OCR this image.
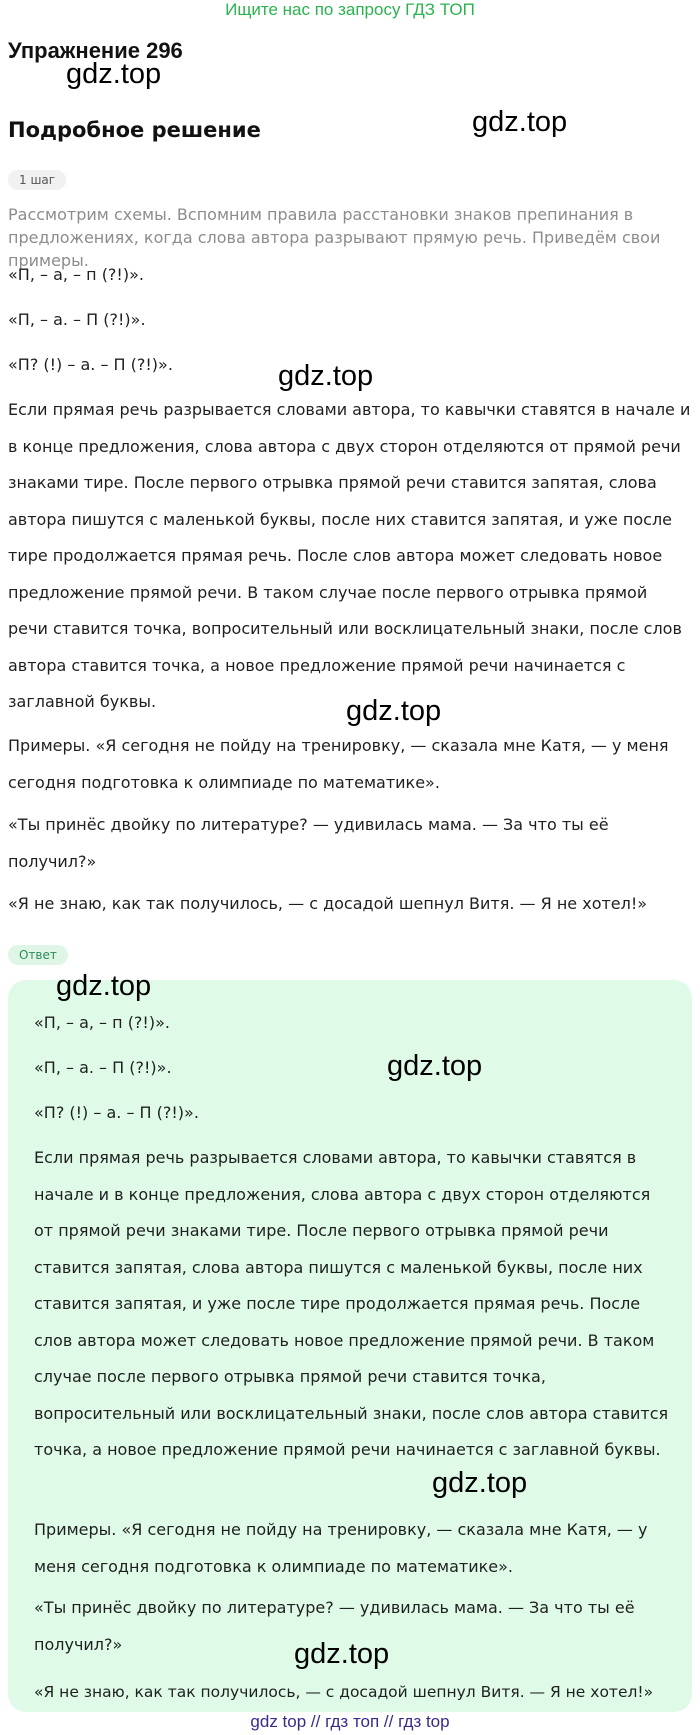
Ищите нас по запросу ГДЗ ТОП
Упражнение 296
gdz.top
Подробное решение	gdz.top
1 шаг
Рассмотрим схемы. Вспомним правила расстановки знаков препинания в предложениях, когда слова автора разрывают прямую речь. Приведём свои примеры.
«П, – а, – п (?!)».
«П, – а. – П (?!)».
«П? (!) – а. – П (?!)».	gdz.top
Если прямая речь разрывается словами автора, то кавычки ставятся в начале и в конце предложения, слова автора с двух сторон отделяются от прямой речи знаками тире. После первого отрывка прямой речи ставится запятая, слова автора пишутся с маленькой буквы, после них ставится запятая, и уже после тире продолжается прямая речь. После слов автора может следовать новое предложение прямой речи. В таком случае после первого отрывка прямой речи ставится точка, вопросительный или восклицательный знаки, после слов автора ставится точка, а новое предложение прямой речи начинается с заглавной буквы.	gdz.top
Примеры. «Я сегодня не пойду на тренировку, — сказала мне Катя, — у меня сегодня подготовка к олимпиаде по математике».
«Ты принёс двойку по литературе? — удивилась мама. — За что ты её получил?»
«Я не знаю, как так получилось, — с досадой шепнул Витя. — Я не хотел!»
Ответ
gdz.top
«П, – а, – п (?!)».
«П, – а. – П (?!)».
«П? (!) – а. – П (?!)».
gdz.top
Если прямая речь разрывается словами автора, то кавычки ставятся в начале и в конце предложения, слова автора с двух сторон отделяются от прямой речи знаками тире. После первого отрывка прямой речи ставится запятая, слова автора пишутся с маленькой буквы, после них ставится запятая, и уже после тире продолжается прямая речь. После слов автора может следовать новое предложение прямой речи. В таком случае после первого отрывка прямой речи ставится точка, вопросительный или восклицательный знаки, после слов автора ставится точка, а новое предложение прямой речи начинается с заглавной буквы.
gdz.top
Примеры. «Я сегодня не пойду на тренировку, — сказала мне Катя, — у меня сегодня подготовка к олимпиаде по математике».
«Ты принёс двойку по литературе? — удивилась мама. — За что ты её получил?»	gdz.top
«Я не знаю, как так получилось, — с досадой шепнул Витя. — Я не хотел!»
gdz top // гдз топ // гдз top
